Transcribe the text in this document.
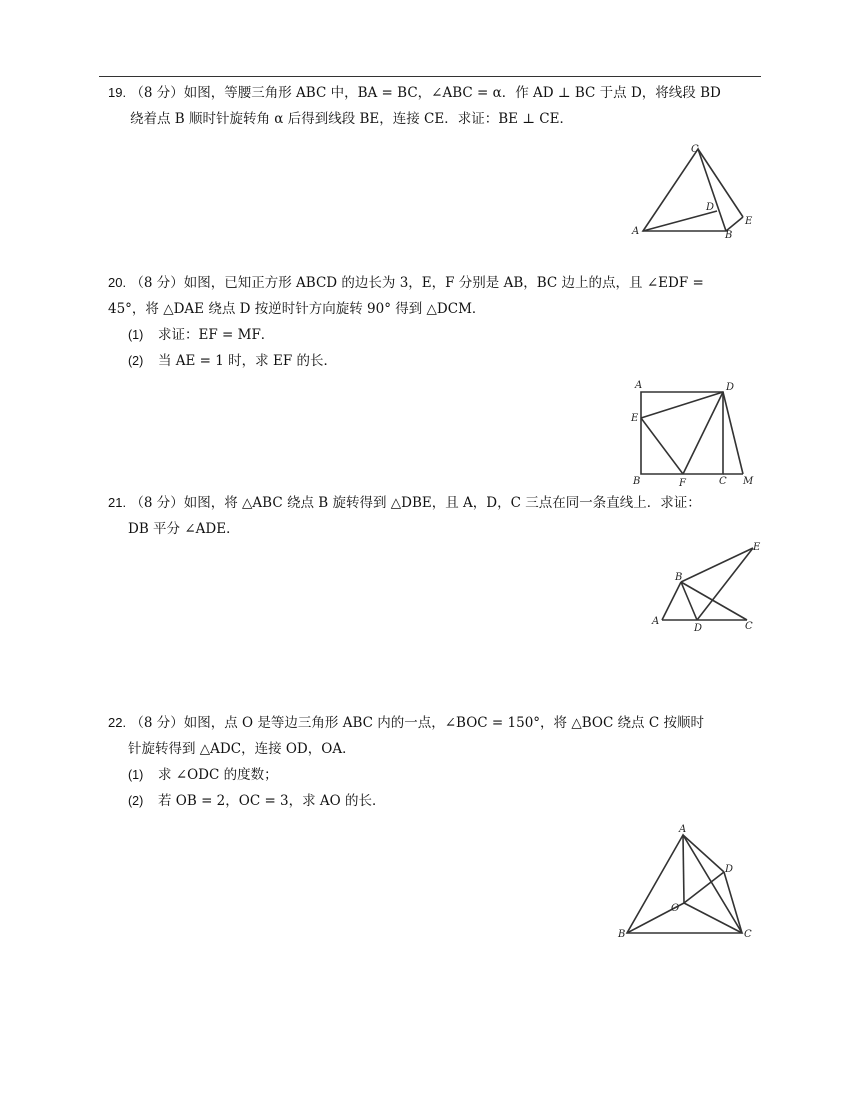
19. （8 分）如图，等腰三角形 ABC 中，BA = BC，∠ABC = α．作 AD ⊥ BC 于点 D，将线段 BD
绕着点 B 顺时针旋转角 α 后得到线段 BE，连接 CE．求证：BE ⊥ CE．
A
C
D
B
E
20. （8 分）如图，已知正方形 ABCD 的边长为 3，E，F 分别是 AB，BC 边上的点，且 ∠EDF =
45°，将 △DAE 绕点 D 按逆时针方向旋转 90° 得到 △DCM．
(1) 求证：EF = MF．
(2) 当 AE = 1 时，求 EF 的长．
A	D
E
B	F	C M
21. （8 分）如图，将 △ABC 绕点 B 旋转得到 △DBE，且 A，D，C 三点在同一条直线上．求证：
DB 平分 ∠ADE．
E
B
A
D	C
22. （8 分）如图，点 O 是等边三角形 ABC 内的一点，∠BOC = 150°，将 △BOC 绕点 C 按顺时
针旋转得到 △ADC，连接 OD，OA．
(1) 求 ∠ODC 的度数；
(2) 若 OB = 2，OC = 3，求 AO 的长．
A
D
O
B	C
